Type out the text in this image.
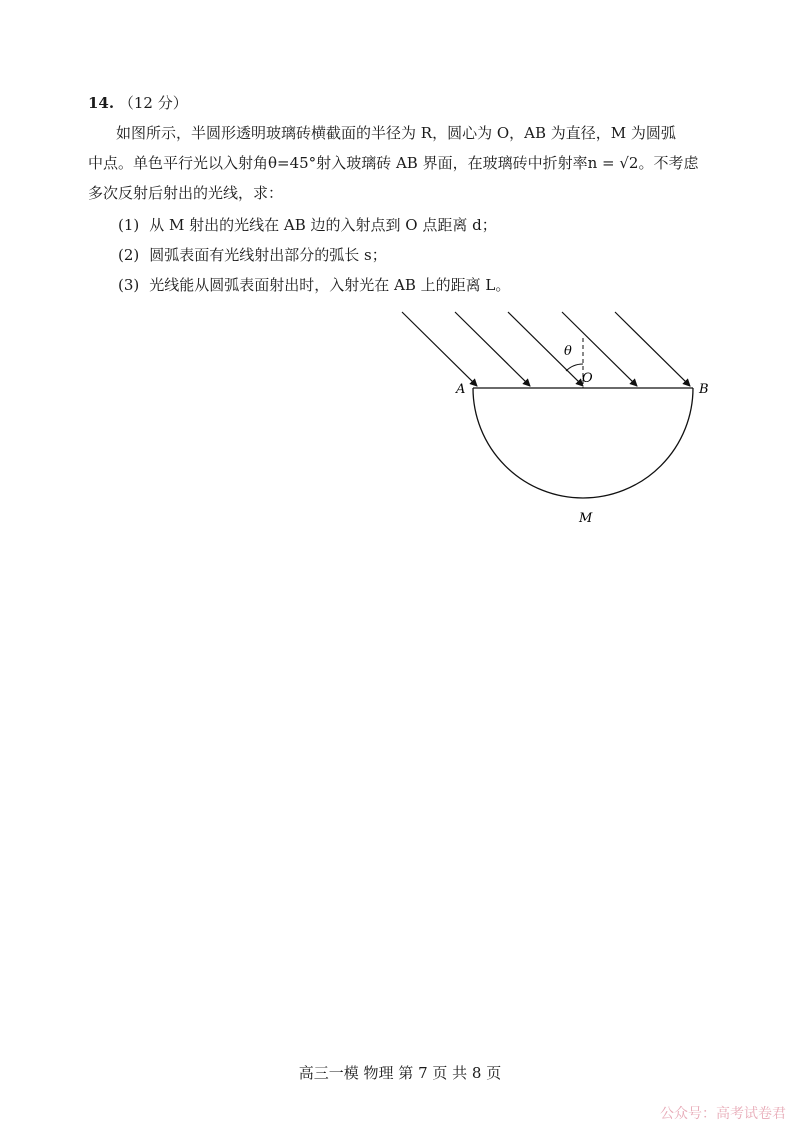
14. （12 分）
如图所示，半圆形透明玻璃砖横截面的半径为 R，圆心为 O，AB 为直径，M 为圆弧
中点。单色平行光以入射角θ=45°射入玻璃砖 AB 界面，在玻璃砖中折射率n = √2。不考虑
多次反射后射出的光线，求：
(1) 从 M 射出的光线在 AB 边的入射点到 O 点距离 d；
(2) 圆弧表面有光线射出部分的弧长 s；
(3) 光线能从圆弧表面射出时，入射光在 AB 上的距离 L。
θ
O
A	B
M
高三一模 物理 第 7 页 共 8 页
公众号：高考试卷君
